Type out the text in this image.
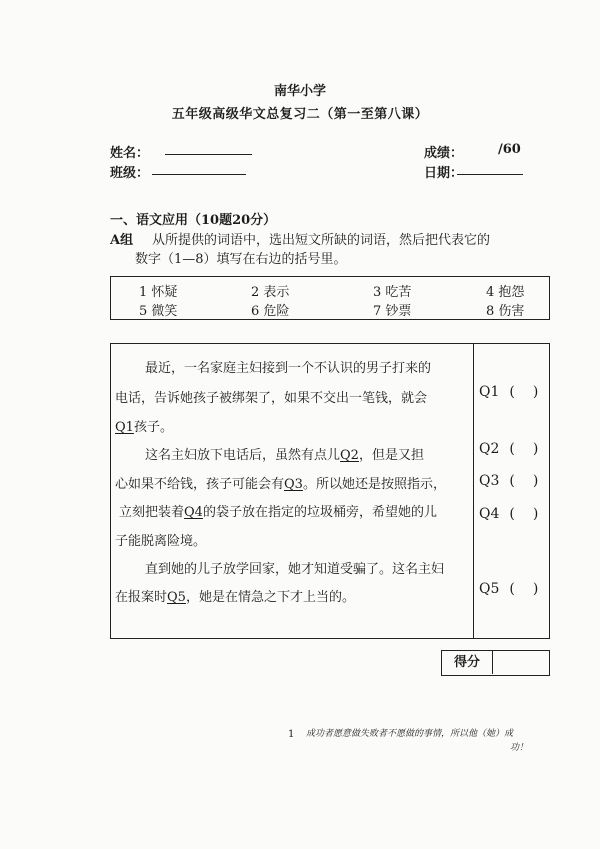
南华小学
五年级高级华文总复习二（第一至第八课）
姓名：
班级：
成绩：	/60
日期：
一、语文应用（10题20分）
A组 从所提供的词语中，选出短文所缺的词语，然后把代表它的
数字（1—8）填写在右边的括号里。
1 怀疑	2 表示	3 吃苦	4 抱怨
5 微笑	6 危险	7 钞票	8 伤害
最近，一名家庭主妇接到一个不认识的男子打来的
电话，告诉她孩子被绑架了，如果不交出一笔钱，就会
Q1孩子。
这名主妇放下电话后，虽然有点儿Q2，但是又担
心如果不给钱，孩子可能会有Q3。所以她还是按照指示，
立刻把装着Q4的袋子放在指定的垃圾桶旁，希望她的儿
子能脱离险境。
直到她的儿子放学回家，她才知道受骗了。这名主妇
在报案时Q5，她是在情急之下才上当的。
Q1 ( )
Q2 ( )
Q3 ( )
Q4 ( )
Q5 ( )
得分
1 成功者愿意做失败者不愿做的事情，所以他（她）成
功！
